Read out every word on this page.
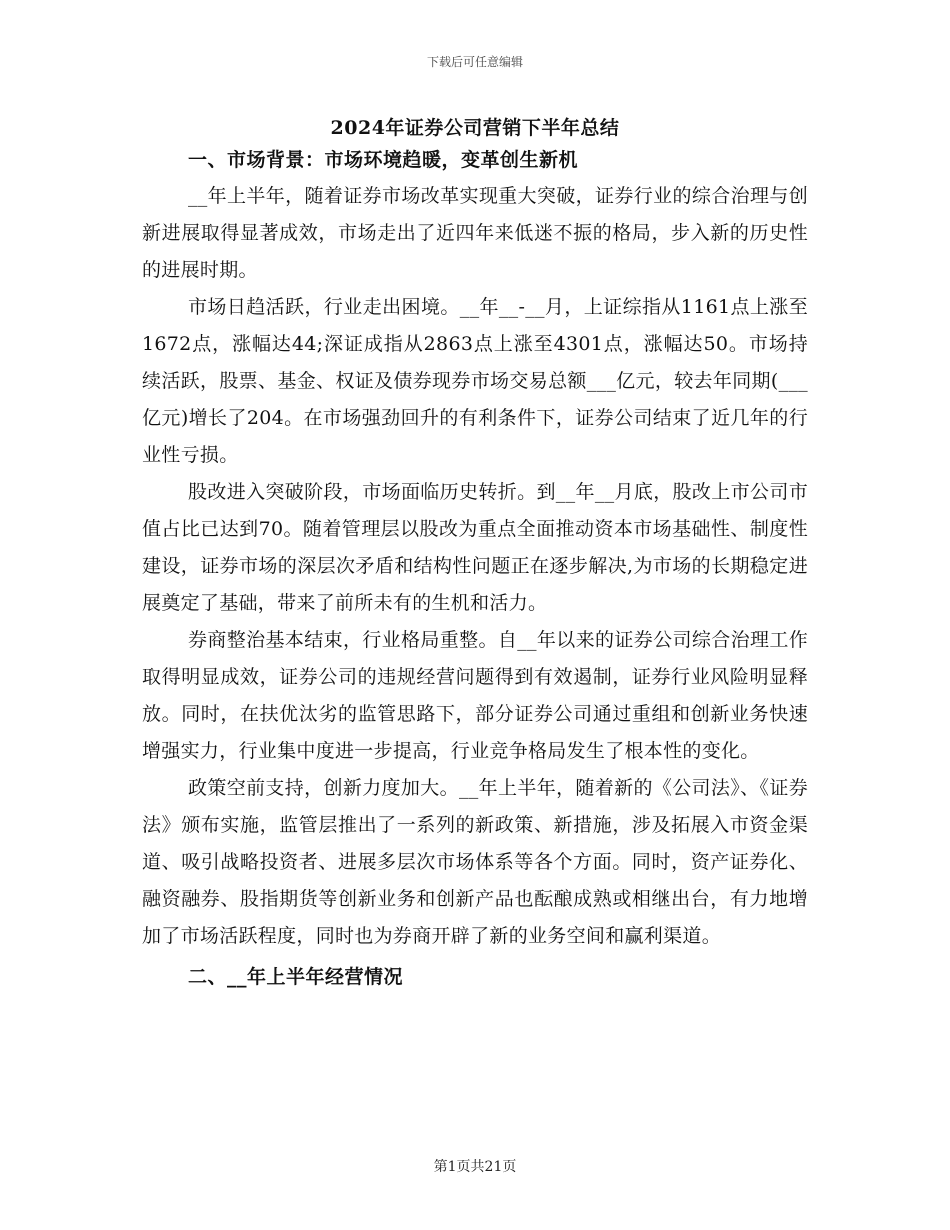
下载后可任意编辑
2024年证券公司营销下半年总结
一、市场背景：市场环境趋暖，变革创生新机

__年上半年，随着证券市场改革实现重大突破，证券行业的综合治理与创新进展取得显著成效，市场走出了近四年来低迷不振的格局，步入新的历史性的进展时期。

市场日趋活跃，行业走出困境。__年__-__月，上证综指从1161点上涨至1672点，涨幅达44;深证成指从2863点上涨至4301点，涨幅达50。市场持续活跃，股票、基金、权证及债券现券市场交易总额___亿元，较去年同期(___亿元)增长了204。在市场强劲回升的有利条件下，证券公司结束了近几年的行业性亏损。

股改进入突破阶段，市场面临历史转折。到__年__月底，股改上市公司市值占比已达到70。随着管理层以股改为重点全面推动资本市场基础性、制度性建设，证券市场的深层次矛盾和结构性问题正在逐步解决,为市场的长期稳定进展奠定了基础，带来了前所未有的生机和活力。

券商整治基本结束，行业格局重整。自__年以来的证券公司综合治理工作取得明显成效，证券公司的违规经营问题得到有效遏制，证券行业风险明显释放。同时，在扶优汰劣的监管思路下，部分证券公司通过重组和创新业务快速增强实力，行业集中度进一步提高，行业竞争格局发生了根本性的变化。

政策空前支持，创新力度加大。__年上半年，随着新的《公司法》、《证券法》颁布实施，监管层推出了一系列的新政策、新措施，涉及拓展入市资金渠道、吸引战略投资者、进展多层次市场体系等各个方面。同时，资产证券化、融资融券、股指期货等创新业务和创新产品也酝酿成熟或相继出台，有力地增加了市场活跃程度，同时也为券商开辟了新的业务空间和赢利渠道。

二、__年上半年经营情况
第1页共21页
